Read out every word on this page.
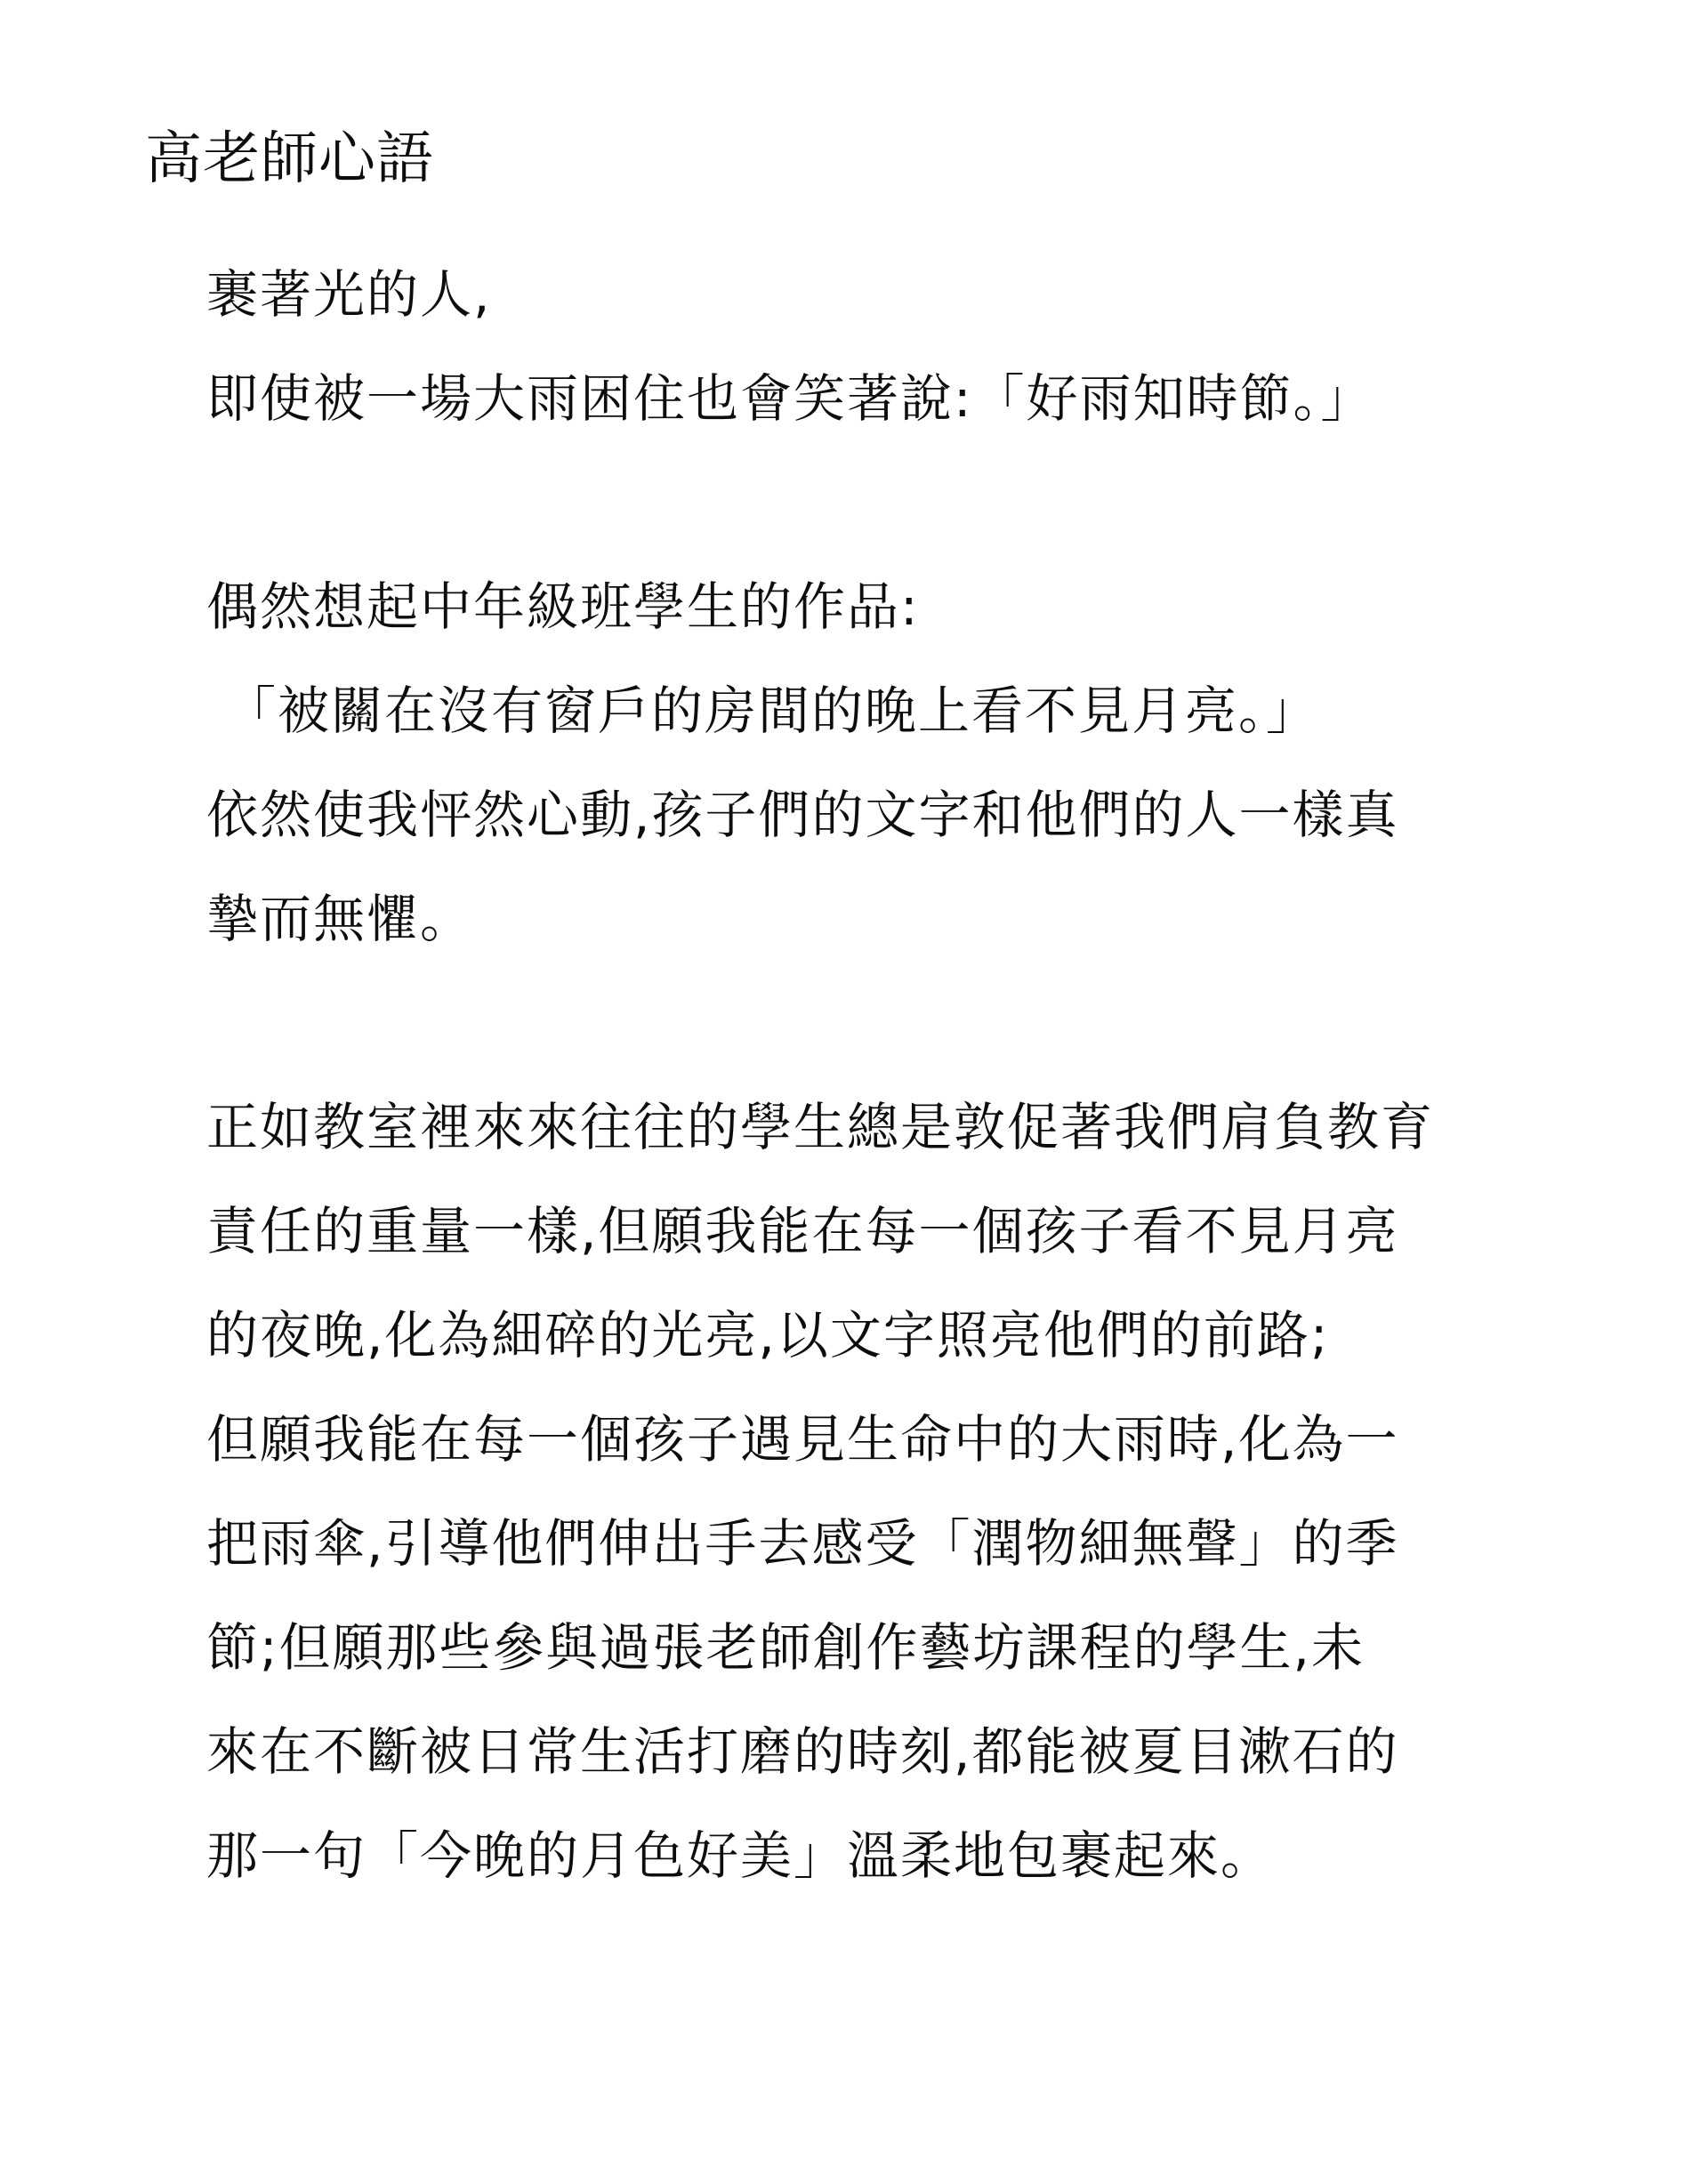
高老師心語
裹著光的人,
即使被一場大雨困住也會笑著說:「好雨知時節。」
偶然想起中年級班學生的作品:
「被關在沒有窗戶的房間的晚上看不見月亮。」
依然使我怦然心動,孩子們的文字和他們的人一樣真
摯而無懼。
正如教室裡來來往往的學生總是敦促著我們肩負教育
責任的重量一樣,但願我能在每一個孩子看不見月亮
的夜晚,化為細碎的光亮,以文字照亮他們的前路;
但願我能在每一個孩子遇見生命中的大雨時,化為一
把雨傘,引導他們伸出手去感受「潤物細無聲」的季
節;但願那些參與過張老師創作藝坊課程的學生,未
來在不斷被日常生活打磨的時刻,都能被夏目漱石的
那一句「今晚的月色好美」溫柔地包裹起來。
